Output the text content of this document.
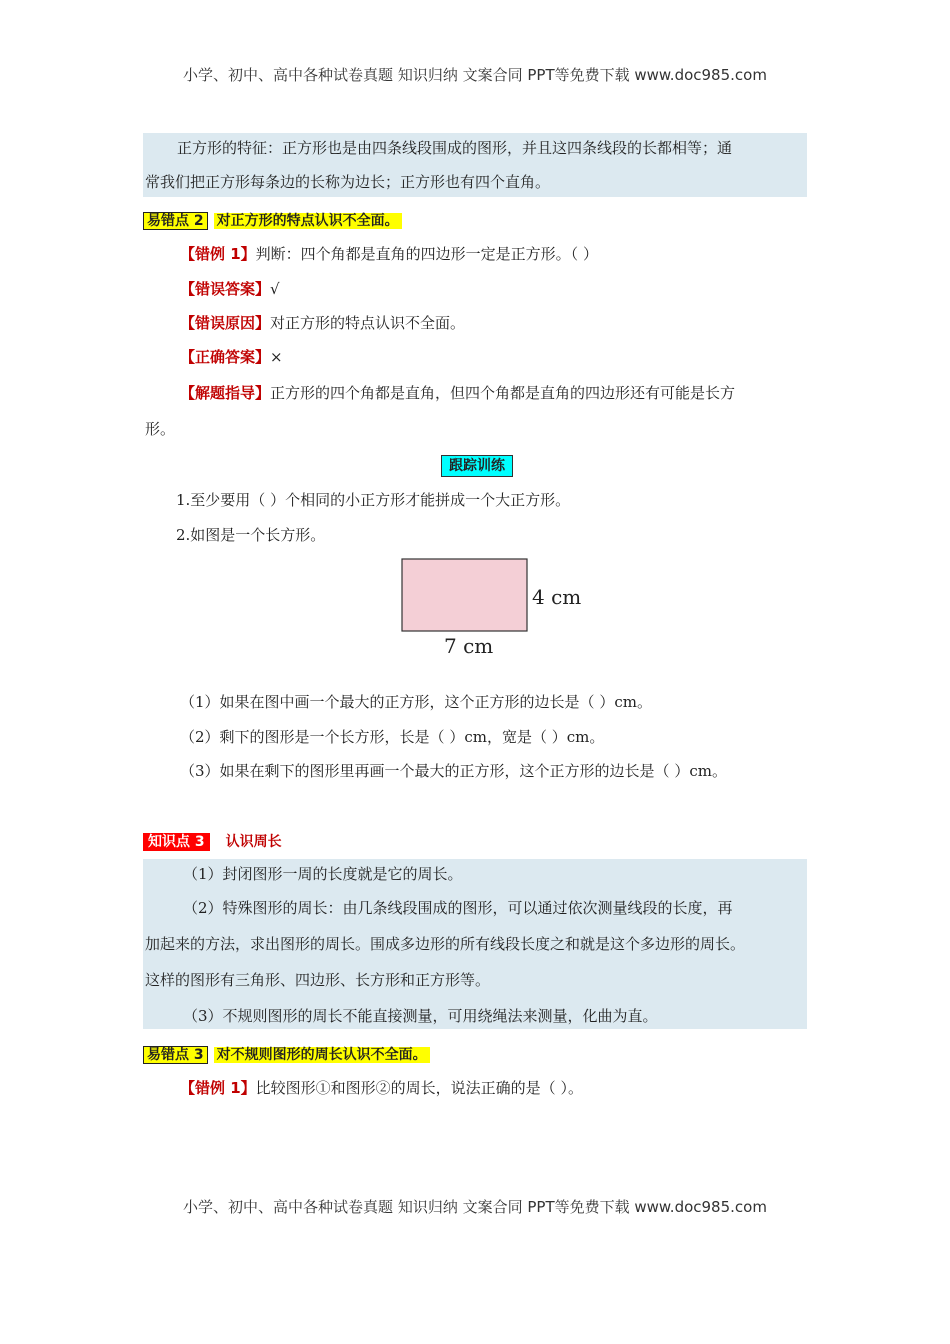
小学、初中、高中各种试卷真题 知识归纳 文案合同 PPT等免费下载 www.doc985.com
正方形的特征：正方形也是由四条线段围成的图形，并且这四条线段的长都相等；通
常我们把正方形每条边的长称为边长；正方形也有四个直角。
易错点 2 对正方形的特点认识不全面。
【错例 1】判断：四个角都是直角的四边形一定是正方形。（ ）
【错误答案】√
【错误原因】对正方形的特点认识不全面。
【正确答案】×
【解题指导】正方形的四个角都是直角，但四个角都是直角的四边形还有可能是长方
形。
跟踪训练
1.至少要用（ ）个相同的小正方形才能拼成一个大正方形。
2.如图是一个长方形。
4 cm
7 cm
（1）如果在图中画一个最大的正方形，这个正方形的边长是（ ）cm。
（2）剩下的图形是一个长方形，长是（ ）cm，宽是（ ）cm。
（3）如果在剩下的图形里再画一个最大的正方形，这个正方形的边长是（ ）cm。
知识点 3 认识周长
（1）封闭图形一周的长度就是它的周长。
（2）特殊图形的周长：由几条线段围成的图形，可以通过依次测量线段的长度，再
加起来的方法，求出图形的周长。围成多边形的所有线段长度之和就是这个多边形的周长。
这样的图形有三角形、四边形、长方形和正方形等。
（3）不规则图形的周长不能直接测量，可用绕绳法来测量，化曲为直。
易错点 3 对不规则图形的周长认识不全面。
【错例 1】比较图形①和图形②的周长，说法正确的是（ ）。
小学、初中、高中各种试卷真题 知识归纳 文案合同 PPT等免费下载 www.doc985.com
